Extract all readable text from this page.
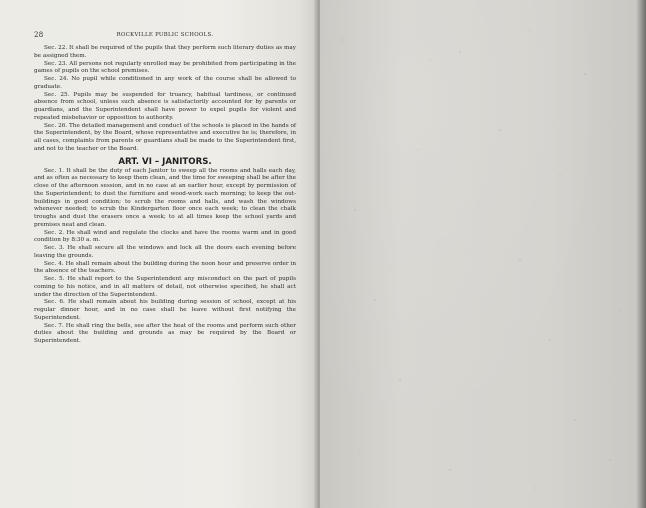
28	ROCKVILLE PUBLIC SCHOOLS.

Sec. 22. It shall be required of the pupils that they perform such literary duties as may be assigned them.

Sec. 23. All persons not regularly enrolled may be prohibited from participating in the games of pupils on the school premises.

Sec. 24. No pupil while conditioned in any work of the course shall be allowed to graduate.

Sec. 25. Pupils may be suspended for truancy, habitual tardiness, or continued absence from school, unless such absence is satisfactorily accounted for by parents or guardians, and the Superintendent shall have power to expel pupils for violent and repeated misbehavior or opposition to authority.

Sec. 26. The detailed management and conduct of the schools is placed in the hands of the Superintendent, by the Board, whose representative and executive he is; therefore, in all cases, complaints from parents or guardians shall be made to the Superintendent first, and not to the teacher or the Board.

ART. VI – JANITORS.

Sec. 1. It shall be the duty of each Janitor to sweep all the rooms and halls each day, and as often as necessary to keep them clean, and the time for sweeping shall be after the close of the afternoon session, and in no case at an earlier hour, except by permission of the Superintendent; to dust the furniture and wood-work each morning; to keep the out-buildings in good condition; to scrub the rooms and halls, and wash the windows whenever needed; to scrub the Kindergarten floor once each week; to clean the chalk troughs and dust the erasers once a week; to at all times keep the school yards and premises neat and clean.

Sec. 2. He shall wind and regulate the clocks and have the rooms warm and in good condition by 8:30 a. m.

Sec. 3. He shall secure all the windows and lock all the doors each evening before leaving the grounds.

Sec. 4. He shall remain about the building during the noon hour and preserve order in the absence of the teachers.

Sec. 5. He shall report to the Superintendent any misconduct on the part of pupils coming to his notice, and in all matters of detail, not otherwise specified, he shall act under the direction of the Superintendent.

Sec. 6. He shall remain about his building during session of school, except at his regular dinner hour, and in no case shall he leave without first notifying the Superintendent.

Sec. 7. He shall ring the bells, see after the heat of the rooms and perform such other duties about the building and grounds as may be required by the Board or Superintendent.
